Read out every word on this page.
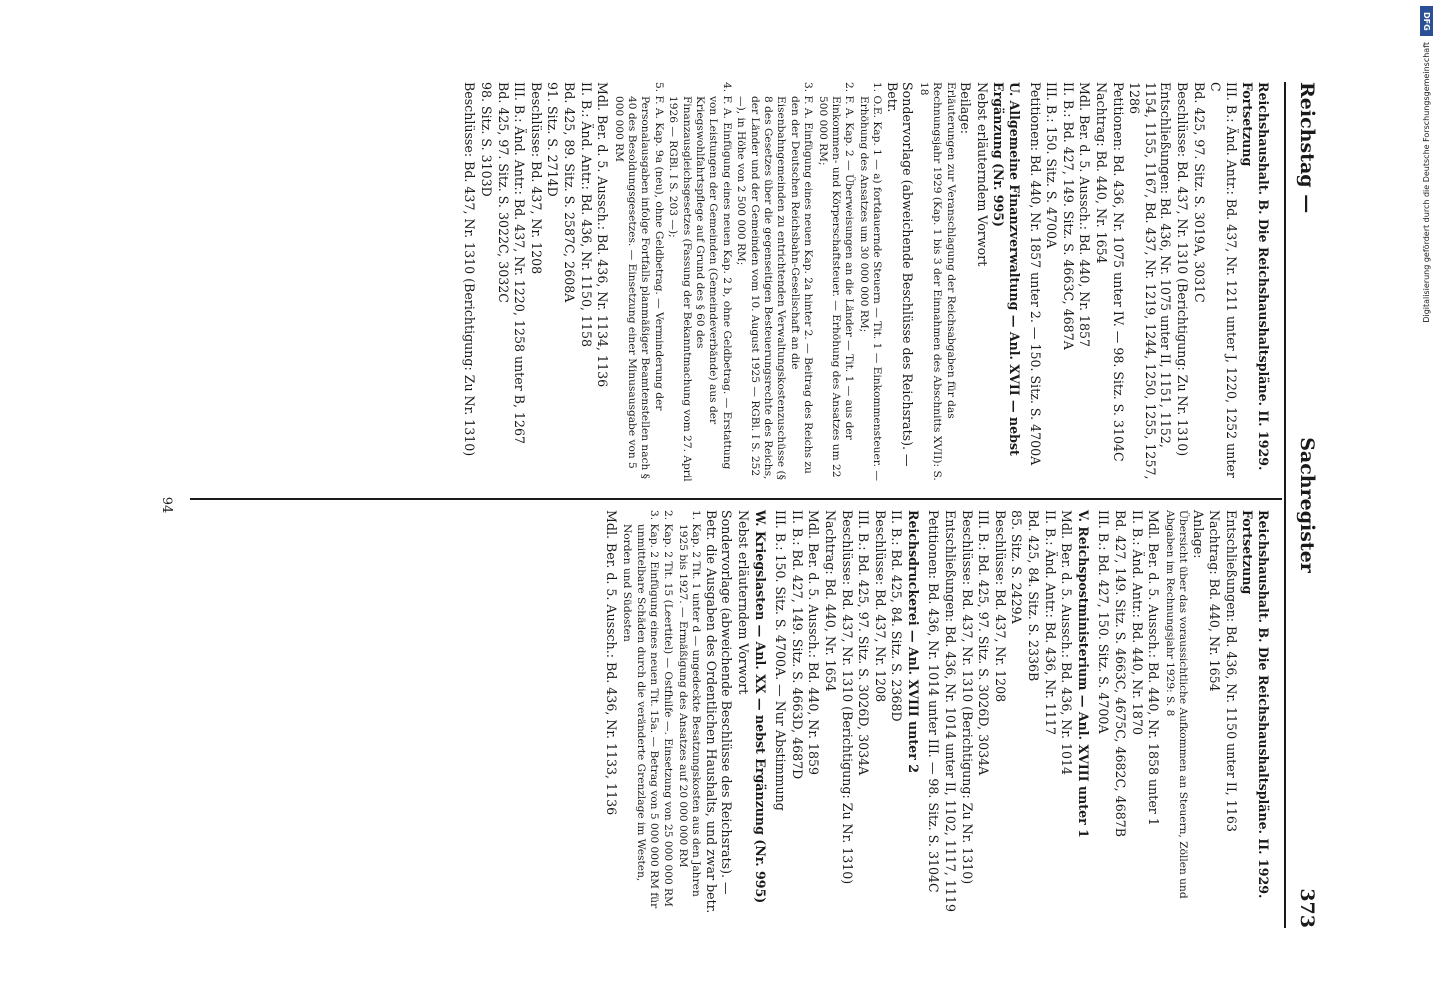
Reichstag —
Sachregister
373

Reichshaushalt. B. Die Reichshaushaltspläne. II. 1929. Fortsetzung

III. B.: Änd. Antr.: Bd. 437, Nr. 1211 unter J, 1220, 1252 unter C

Bd. 425, 97. Sitz. S. 3019A, 3031C

Beschlüsse: Bd. 437, Nr. 1310 (Berichtigung: Zu Nr. 1310)

Entschließungen: Bd. 436, Nr. 1075 unter II, 1151, 1152, 1154, 1155, 1167, Bd. 437, Nr. 1219, 1244, 1250, 1255, 1257, 1286

Petitionen: Bd. 436, Nr. 1075 unter IV. — 98. Sitz. S. 3104C

Nachtrag: Bd. 440, Nr. 1654

Mdl. Ber. d. 5. Aussch.: Bd. 440, Nr. 1857

II. B.: Bd. 427, 149. Sitz. S. 4663C, 4687A

III. B.: 150. Sitz. S. 4700A

Petitionen: Bd. 440, Nr. 1857 unter 2. — 150. Sitz. S. 4700A

U. Allgemeine Finanzverwaltung — Anl. XVII — nebst Ergänzung (Nr. 995)

Nebst erläuterndem Vorwort

Beilage:

Erläuterungen zur Veranschlagung der Reichsabgaben für das Rechnungsjahr 1929 (Kap. 1 bis 3 der Einnahmen des Abschnitts XVII): S. 18

Sondervorlage (abweichende Beschlüsse des Reichsrats). — Betr.

1. O.E. Kap. 1 — a) fortdauernde Steuern — Tit. 1 — Einkommensteuer. — Erhöhung des Ansatzes um 30 000 000 RM;

2. F. A. Kap. 2 — Überweisungen an die Länder — Tit. 1 — aus der Einkommen- und Körperschaftsteuer. — Erhöhung des Ansatzes um 22 500 000 RM;

3. F. A. Einfügung eines neuen Kap. 2a hinter 2. — Beitrag des Reichs zu den der Deutschen Reichsbahn-Gesellschaft an die Eisenbahngemeinden zu entrichtenden Verwaltungskostenzuschüsse (§ 8 des Gesetzes über die gegenseitigen Besteuerungsrechte des Reichs, der Länder und der Gemeinden vom 10. August 1925 — RGBl. I S. 252 —), in Höhe von 2 500 000 RM;

4. F. A. Einfügung eines neuen Kap. 2 b, ohne Geldbetrag. — Erstattung von Leistungen der Gemeinden (Gemeindeverbände) aus der Kriegswohlfahrtspflege auf Grund des § 60 des Finanzausgleichsgesetzes (Fassung der Bekanntmachung vom 27. April 1926 — RGBl. I S. 203 —);

5. F. A. Kap. 9a (neu), ohne Geldbetrag. — Verminderung der Personalausgaben infolge Fortfalls planmäßiger Beamtenstellen nach § 40 des Besoldungsgesetzes. — Einsetzung einer Minusausgabe von 5 000 000 RM

Mdl. Ber. d. 5. Aussch.: Bd. 436, Nr. 1134, 1136

II. B.: Änd. Antr.: Bd. 436, Nr. 1150, 1158

Bd. 425, 89. Sitz. S. 2587C, 2608A

91. Sitz. S. 2714D

Beschlüsse: Bd. 437, Nr. 1208

III. B.: Änd. Antr.: Bd. 437, Nr. 1220, 1258 unter B, 1267

Bd. 425, 97. Sitz. S. 3022C, 3032C

98. Sitz. S. 3103D

Beschlüsse: Bd. 437, Nr. 1310 (Berichtigung: Zu Nr. 1310)

Reichshaushalt. B. Die Reichshaushaltspläne. II. 1929. Fortsetzung

Entschließungen: Bd. 436, Nr. 1150 unter II, 1163

Nachtrag: Bd. 440, Nr. 1654

Anlage:

Übersicht über das voraussichtliche Aufkommen an Steuern, Zöllen und Abgaben im Rechnungsjahr 1929: S. 8

Mdl. Ber. d. 5. Aussch.: Bd. 440, Nr. 1858 unter 1

II. B.: Änd. Antr.: Bd. 440, Nr. 1870

Bd. 427, 149. Sitz. S. 4663C, 4675C, 4682C, 4687B

III. B.: Bd. 427, 150. Sitz. S. 4700A

V. Reichspostministerium — Anl. XVIII unter 1

Mdl. Ber. d. 5. Aussch.: Bd. 436, Nr. 1014

II. B.: Änd. Antr.: Bd. 436, Nr. 1117

Bd. 425, 84. Sitz. S. 2336B

85. Sitz. S. 2429A

Beschlüsse: Bd. 437, Nr. 1208

III. B.: Bd. 425, 97. Sitz. S. 3026D, 3034A

Beschlüsse: Bd. 437, Nr. 1310 (Berichtigung: Zu Nr. 1310)

Entschließungen: Bd. 436, Nr. 1014 unter II, 1102, 1117, 1119

Petitionen: Bd. 436, Nr. 1014 unter III. — 98. Sitz. S. 3104C

Reichsdruckerei — Anl. XVIII unter 2

II. B.: Bd. 425, 84. Sitz. S. 2368D

Beschlüsse: Bd. 437, Nr. 1208

III. B.: Bd. 425, 97. Sitz. S. 3026D, 3034A

Beschlüsse: Bd. 437, Nr. 1310 (Berichtigung: Zu Nr. 1310)

Nachtrag: Bd. 440, Nr. 1654

Mdl. Ber. d. 5. Aussch.: Bd. 440, Nr. 1859

II. B.: Bd. 427, 149. Sitz. S. 4663D, 4687D

III. B.: 150. Sitz. S. 4700A. — Nur Abstimmung

W. Kriegslasten — Anl. XX — nebst Ergänzung (Nr. 995)

Nebst erläuterndem Vorwort

Sondervorlage (abweichende Beschlüsse des Reichsrats). — Betr. die Ausgaben des Ordentlichen Haushalts, und zwar betr.

1. Kap. 2 Tit. 1 unter d — ungedeckte Besatzungskosten aus den Jahren 1925 bis 1927. — Ermäßigung des Ansatzes auf 20 000 000 RM

2. Kap. 2 Tit. 15 (Leertitel) — Ostfhilfe —. Einsetzung von 25 000 000 RM

3. Kap. 2 Einfügung eines neuen Tit. 15a. — Betrag von 5 000 000 RM für unmittelbare Schäden durch die veränderte Grenzlage im Westen, Norden und Südosten

Mdl. Ber. d. 5. Aussch.: Bd. 436, Nr. 1133, 1136

94
DFG
Digitalisierung gefördert durch die Deutsche Forschungsgemeinschaft
